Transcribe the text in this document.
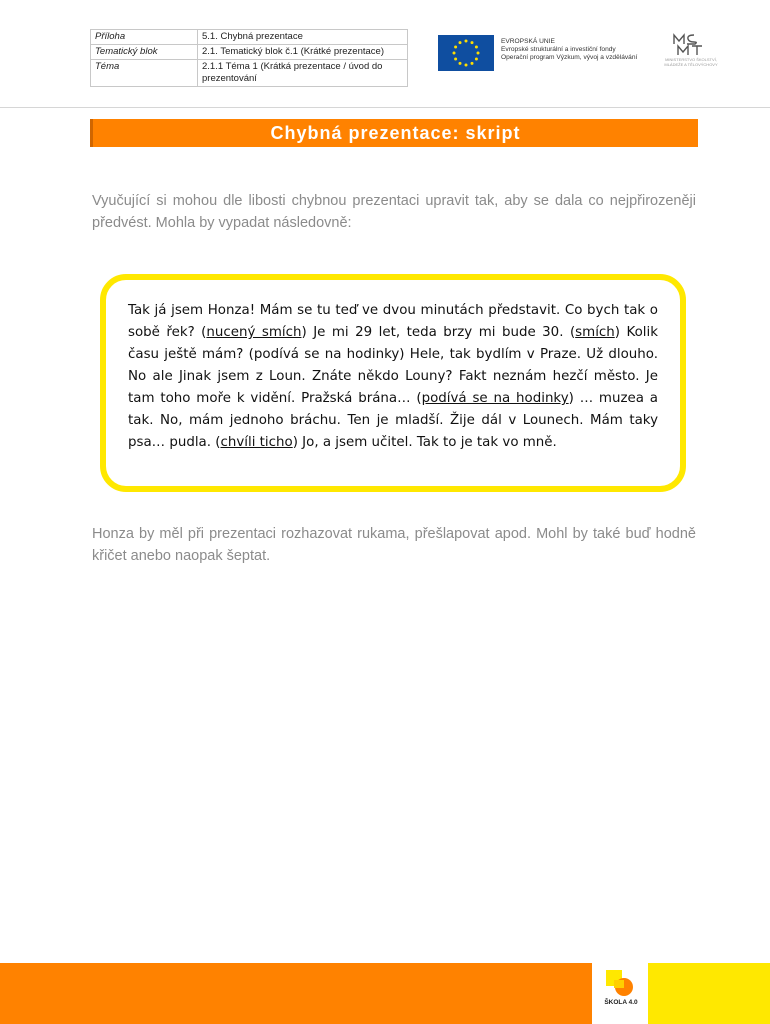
Příloha	5.1. Chybná prezentace
Tematický blok	2.1. Tematický blok č.1 (Krátké prezentace)
Téma	2.1.1 Téma 1 (Krátká prezentace / úvod do prezentování
EVROPSKÁ UNIE
Evropské strukturální a investiční fondy
Operační program Výzkum, vývoj a vzdělávání	MINISTERSTVO ŠKOLSTVÍ, MLÁDEŽE A TĚLOVÝCHOVY
Chybná prezentace: skript
Vyučující si mohou dle libosti chybnou prezentaci upravit tak, aby se dala co nejpřirozeněji předvést. Mohla by vypadat následovně:

Tak já jsem Honza! Mám se tu teď ve dvou minutách představit. Co bych tak o sobě řek? (nucený smích) Je mi 29 let, teda brzy mi bude 30. (smích) Kolik času ještě mám? (podívá se na hodinky) Hele, tak bydlím v Praze. Už dlouho. No ale Jinak jsem z Loun. Znáte někdo Louny? Fakt neznám hezčí město. Je tam toho moře k vidění. Pražská brána… (podívá se na hodinky) … muzea a tak. No, mám jednoho bráchu. Ten je mladší. Žije dál v Lounech. Mám taky psa… pudla. (chvíli ticho) Jo, a jsem učitel. Tak to je tak vo mně.

Honza by měl při prezentaci rozhazovat rukama, přešlapovat apod. Mohl by také buď hodně křičet anebo naopak šeptat.
ŠKOLA 4.0
